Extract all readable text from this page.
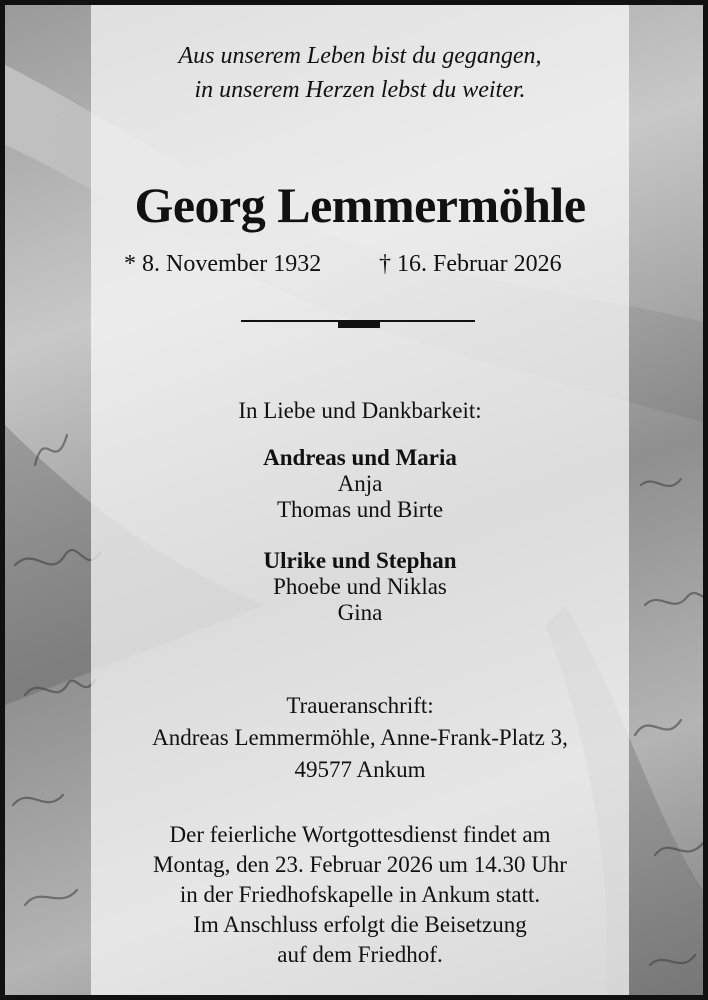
Aus unserem Leben bist du gegangen,
in unserem Herzen lebst du weiter.
Georg Lemmermöhle
* 8. November 1932 † 16. Februar 2026
In Liebe und Dankbarkeit:
Andreas und Maria
Anja
Thomas und Birte
Ulrike und Stephan
Phoebe und Niklas
Gina
Traueranschrift:
Andreas Lemmermöhle, Anne-Frank-Platz 3,
49577 Ankum
Der feierliche Wortgottesdienst findet am
Montag, den 23. Februar 2026 um 14.30 Uhr
in der Friedhofskapelle in Ankum statt.
Im Anschluss erfolgt die Beisetzung
auf dem Friedhof.
